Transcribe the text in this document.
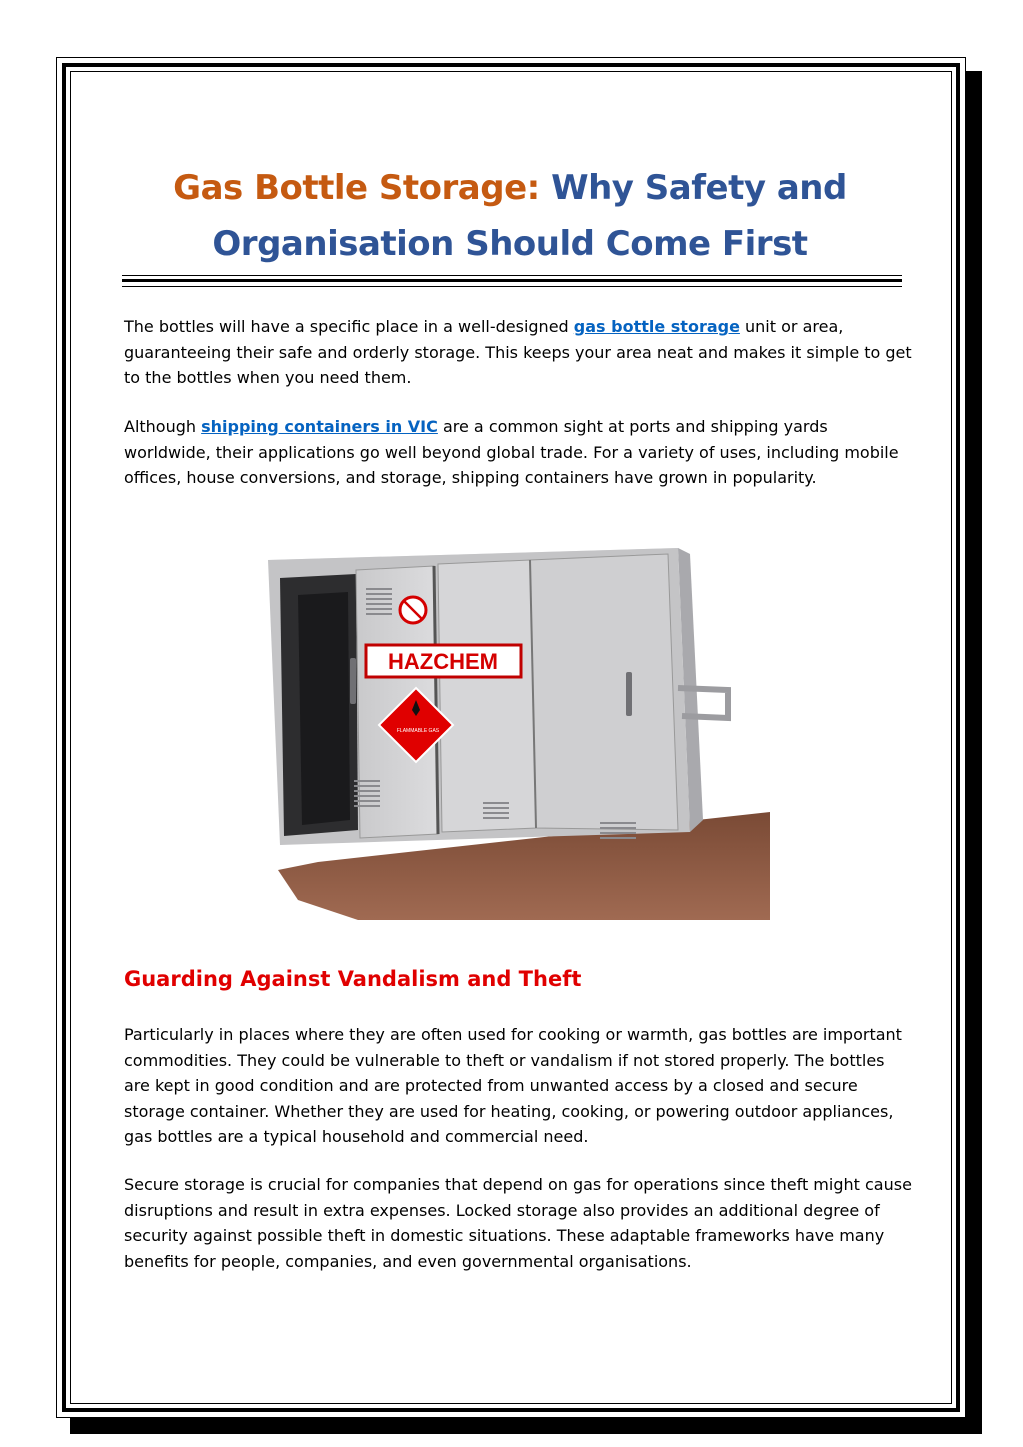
Gas Bottle Storage: Why Safety and Organisation Should Come First

The bottles will have a specific place in a well-designed gas bottle storage unit or area, guaranteeing their safe and orderly storage. This keeps your area neat and makes it simple to get to the bottles when you need them.

Although shipping containers in VIC are a common sight at ports and shipping yards worldwide, their applications go well beyond global trade. For a variety of uses, including mobile offices, house conversions, and storage, shipping containers have grown in popularity.

HAZCHEM
FLAMMABLE GAS
Guarding Against Vandalism and Theft

Particularly in places where they are often used for cooking or warmth, gas bottles are important commodities. They could be vulnerable to theft or vandalism if not stored properly. The bottles are kept in good condition and are protected from unwanted access by a closed and secure storage container. Whether they are used for heating, cooking, or powering outdoor appliances, gas bottles are a typical household and commercial need.

Secure storage is crucial for companies that depend on gas for operations since theft might cause disruptions and result in extra expenses. Locked storage also provides an additional degree of security against possible theft in domestic situations. These adaptable frameworks have many benefits for people, companies, and even governmental organisations.
